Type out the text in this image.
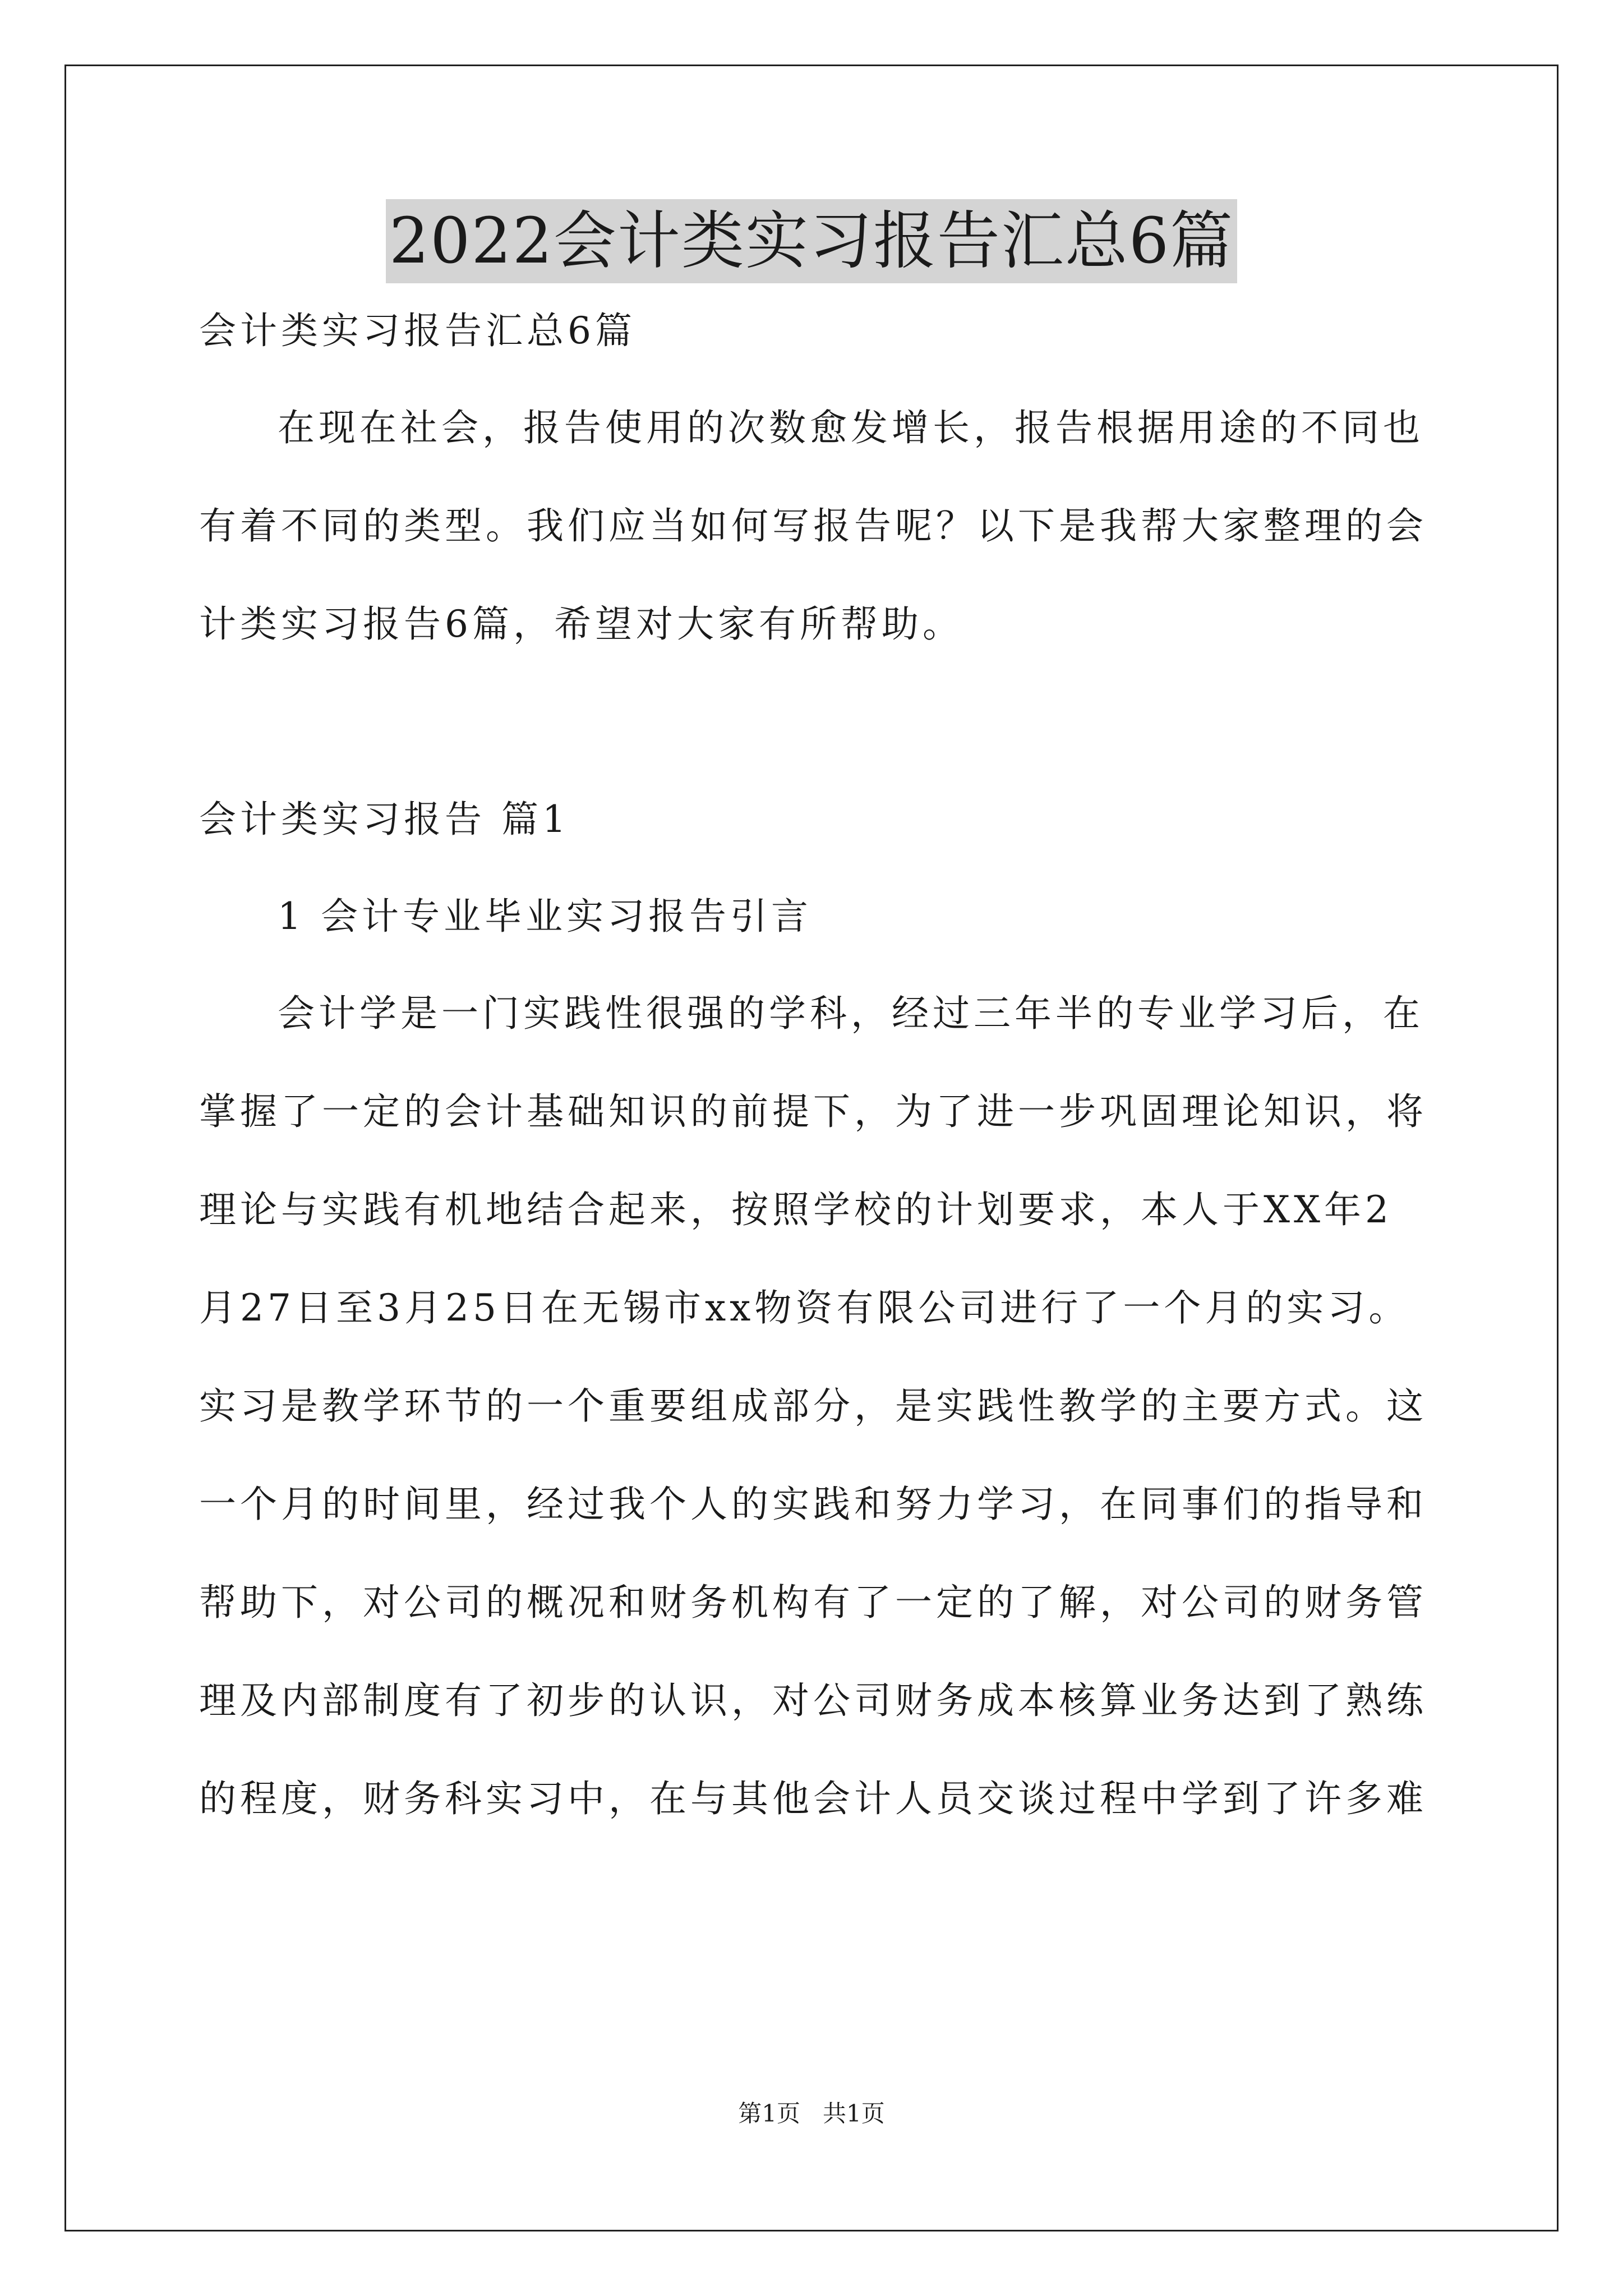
2022会计类实习报告汇总6篇

会计类实习报告汇总6篇

在现在社会，报告使用的次数愈发增长，报告根据用途的不同也

有着不同的类型。我们应当如何写报告呢？以下是我帮大家整理的会

计类实习报告6篇，希望对大家有所帮助。

会计类实习报告 篇1

1 会计专业毕业实习报告引言

会计学是一门实践性很强的学科，经过三年半的专业学习后，在

掌握了一定的会计基础知识的前提下，为了进一步巩固理论知识，将

理论与实践有机地结合起来，按照学校的计划要求，本人于XX年2

月27日至3月25日在无锡市xx物资有限公司进行了一个月的实习。

实习是教学环节的一个重要组成部分，是实践性教学的主要方式。这

一个月的时间里，经过我个人的实践和努力学习，在同事们的指导和

帮助下，对公司的概况和财务机构有了一定的了解，对公司的财务管

理及内部制度有了初步的认识，对公司财务成本核算业务达到了熟练

的程度，财务科实习中，在与其他会计人员交谈过程中学到了许多难

第1页 共1页
